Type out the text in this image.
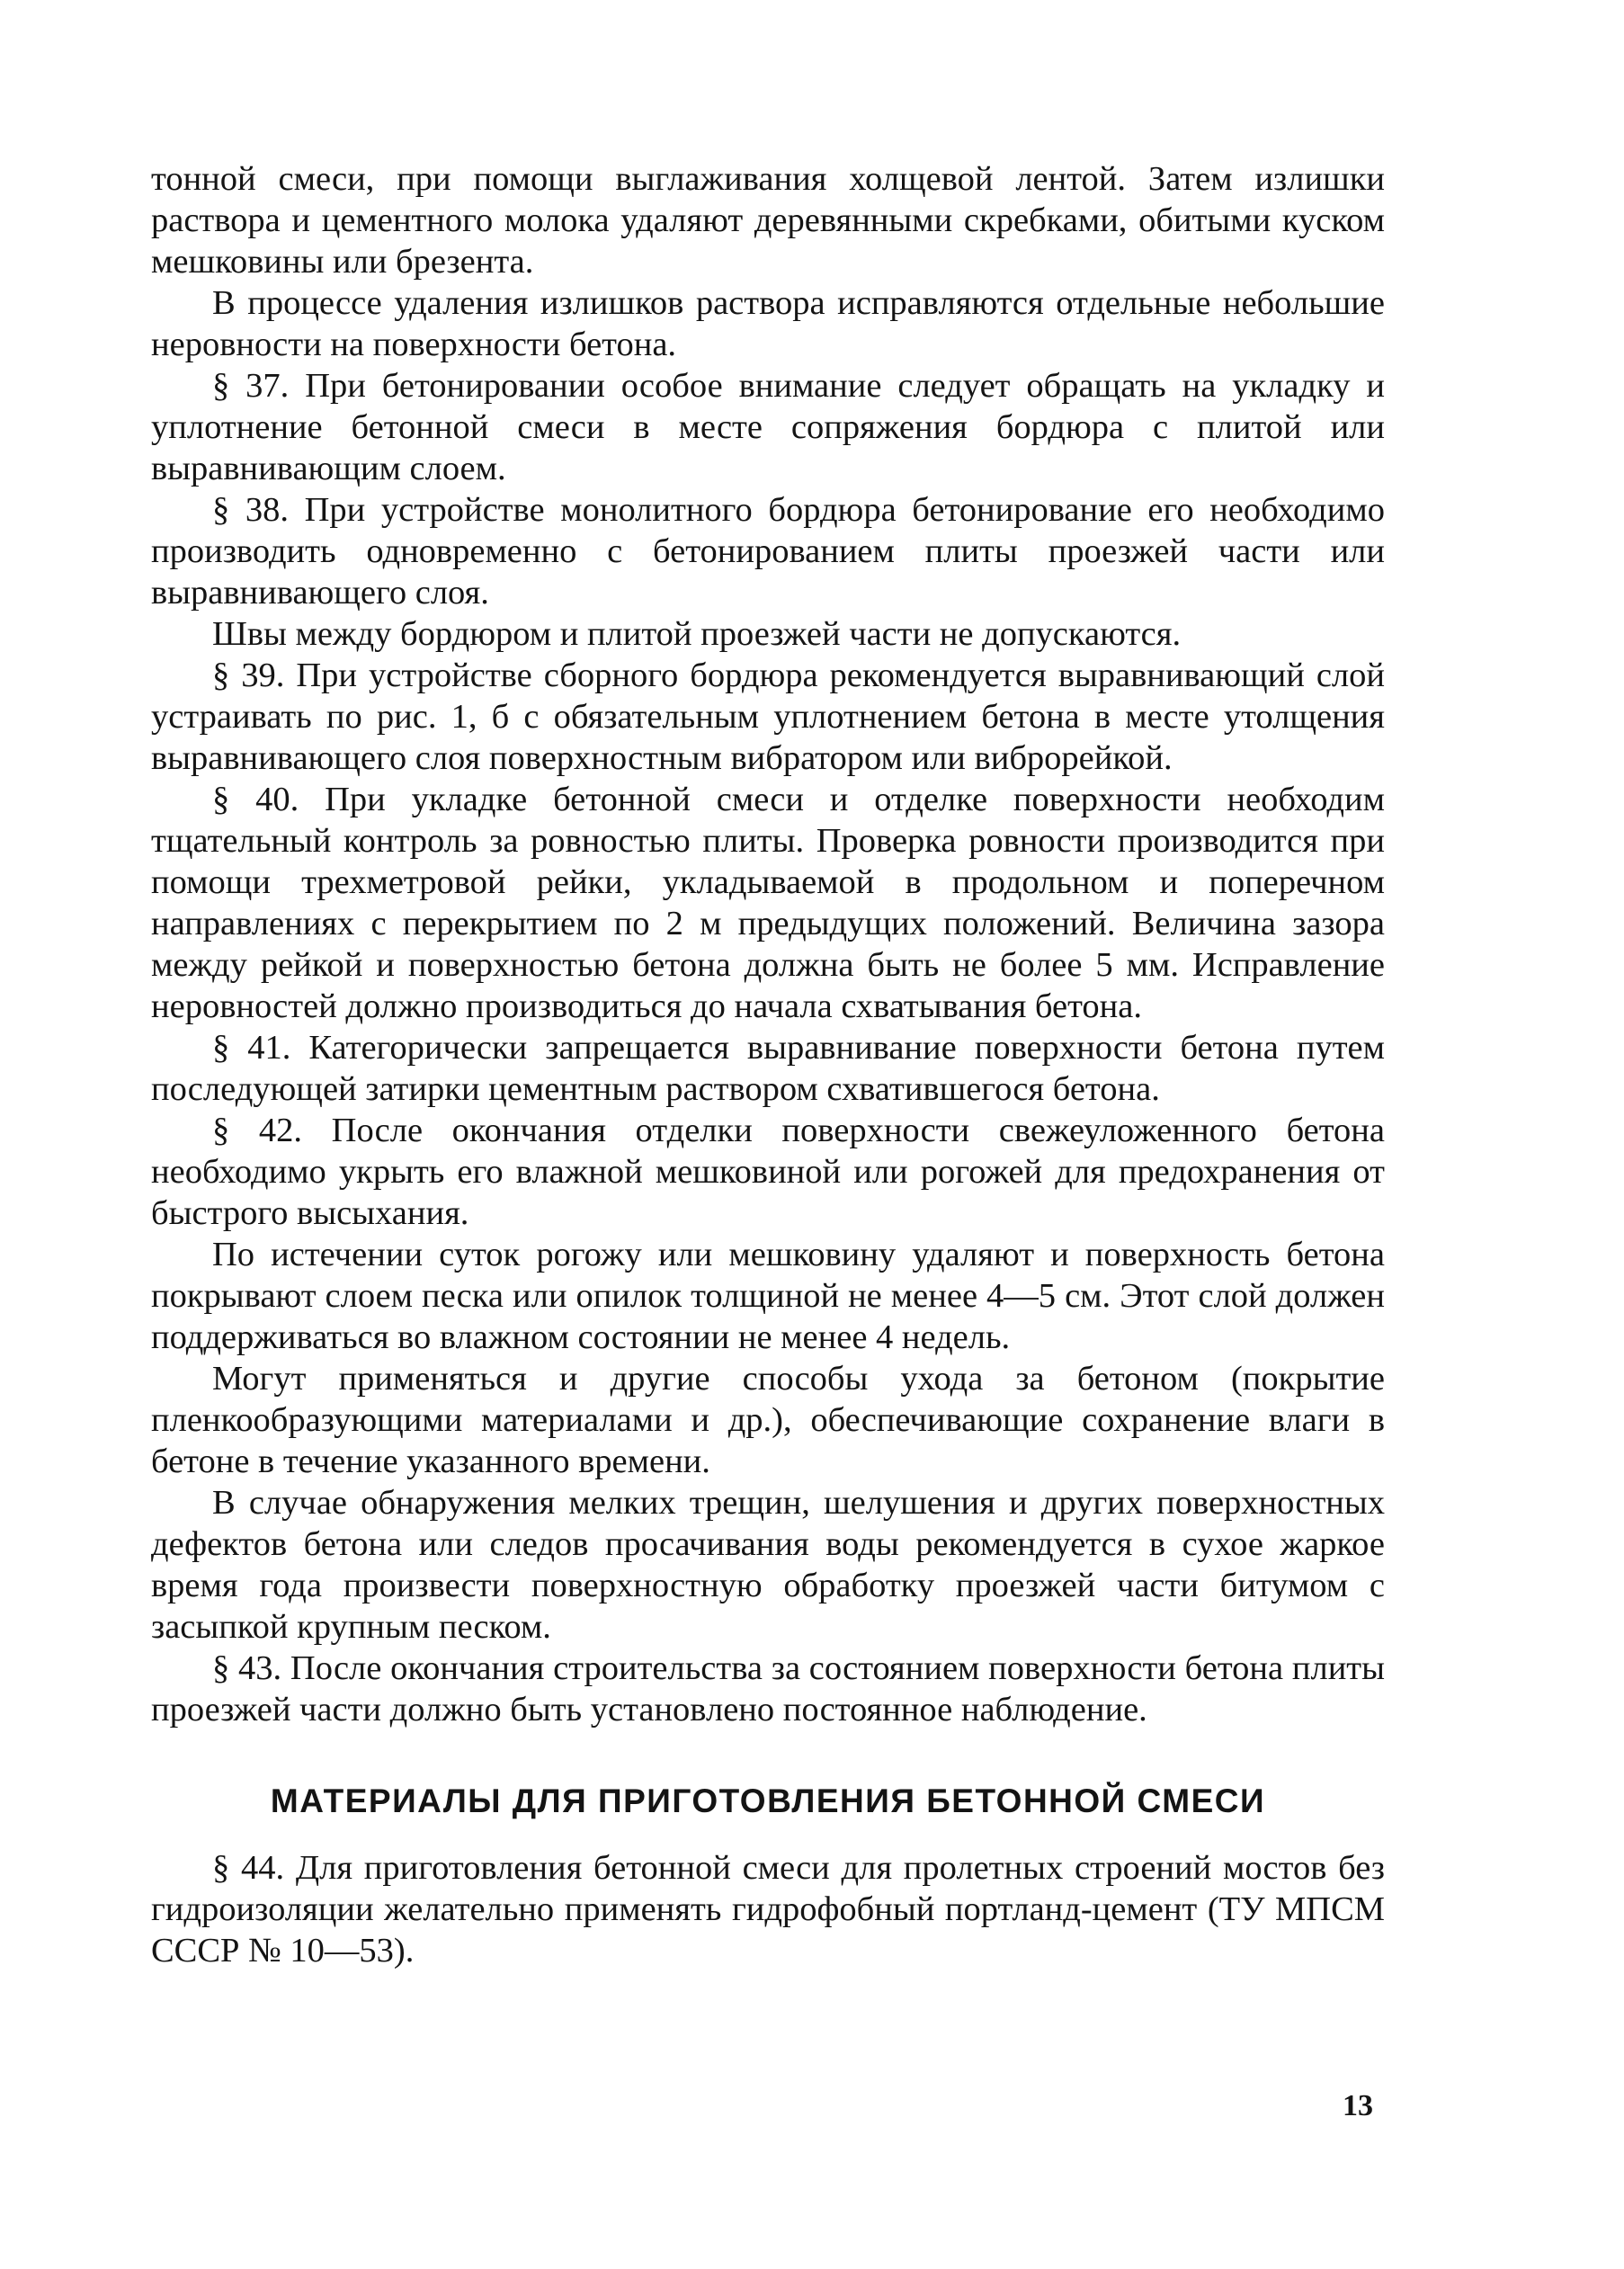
тонной смеси, при помощи выглаживания холщевой лентой. Затем излишки раствора и цементного молока удаляют деревянными скребками, обитыми куском мешковины или брезента.

В процессе удаления излишков раствора исправляются отдельные небольшие неровности на поверхности бетона.

§ 37. При бетонировании особое внимание следует обращать на укладку и уплотнение бетонной смеси в месте сопряжения бордюра с плитой или выравнивающим слоем.

§ 38. При устройстве монолитного бордюра бетонирование его необходимо производить одновременно с бетонированием плиты проезжей части или выравнивающего слоя.

Швы между бордюром и плитой проезжей части не допускаются.

§ 39. При устройстве сборного бордюра рекомендуется выравнивающий слой устраивать по рис. 1, б с обязательным уплотнением бетона в месте утолщения выравнивающего слоя поверхностным вибратором или виброрейкой.

§ 40. При укладке бетонной смеси и отделке поверхности необходим тщательный контроль за ровностью плиты. Проверка ровности производится при помощи трехметровой рейки, укладываемой в продольном и поперечном направлениях с перекрытием по 2 м предыдущих положений. Величина зазора между рейкой и поверхностью бетона должна быть не более 5 мм. Исправление неровностей должно производиться до начала схватывания бетона.

§ 41. Категорически запрещается выравнивание поверхности бетона путем последующей затирки цементным раствором схватившегося бетона.

§ 42. После окончания отделки поверхности свежеуложенного бетона необходимо укрыть его влажной мешковиной или рогожей для предохранения от быстрого высыхания.

По истечении суток рогожу или мешковину удаляют и поверхность бетона покрывают слоем песка или опилок толщиной не менее 4—5 см. Этот слой должен поддерживаться во влажном состоянии не менее 4 недель.

Могут применяться и другие способы ухода за бетоном (покрытие пленкообразующими материалами и др.), обеспечивающие сохранение влаги в бетоне в течение указанного времени.

В случае обнаружения мелких трещин, шелушения и других поверхностных дефектов бетона или следов просачивания воды рекомендуется в сухое жаркое время года произвести поверхностную обработку проезжей части битумом с засыпкой крупным песком.

§ 43. После окончания строительства за состоянием поверхности бетона плиты проезжей части должно быть установлено постоянное наблюдение.

МАТЕРИАЛЫ ДЛЯ ПРИГОТОВЛЕНИЯ БЕТОННОЙ СМЕСИ

§ 44. Для приготовления бетонной смеси для пролетных строений мостов без гидроизоляции желательно применять гидрофобный портланд-цемент (ТУ МПСМ СССР № 10—53).

13
